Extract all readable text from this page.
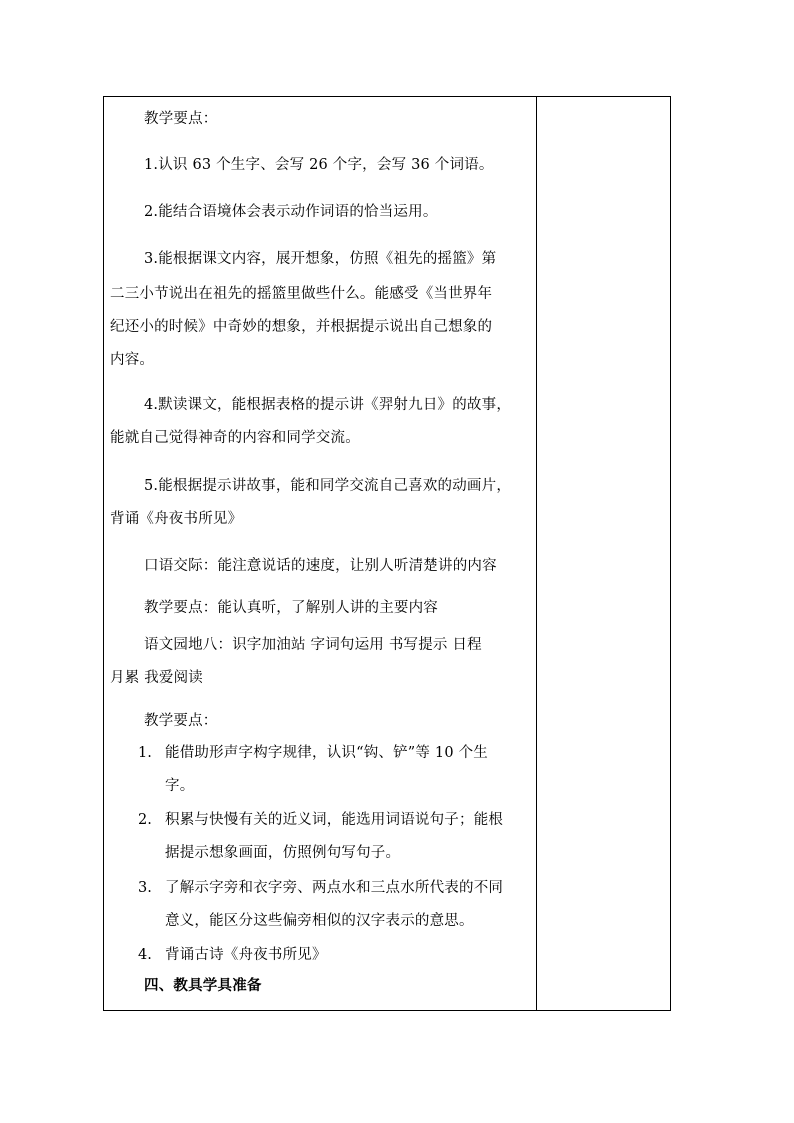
教学要点：
1.认识 63 个生字、会写 26 个字，会写 36 个词语。
2.能结合语境体会表示动作词语的恰当运用。
3.能根据课文内容，展开想象，仿照《祖先的摇篮》第
二三小节说出在祖先的摇篮里做些什么。能感受《当世界年
纪还小的时候》中奇妙的想象，并根据提示说出自己想象的
内容。
4.默读课文，能根据表格的提示讲《羿射九日》的故事，
能就自己觉得神奇的内容和同学交流。
5.能根据提示讲故事，能和同学交流自己喜欢的动画片，
背诵《舟夜书所见》
口语交际：能注意说话的速度，让别人听清楚讲的内容
教学要点：能认真听，了解别人讲的主要内容
语文园地八：识字加油站 字词句运用 书写提示 日程
月累 我爱阅读
教学要点：
1. 能借助形声字构字规律，认识“钩、铲”等 10 个生
字。
2. 积累与快慢有关的近义词，能选用词语说句子；能根
据提示想象画面，仿照例句写句子。
3. 了解示字旁和衣字旁、两点水和三点水所代表的不同
意义，能区分这些偏旁相似的汉字表示的意思。
4. 背诵古诗《舟夜书所见》
四、教具学具准备
